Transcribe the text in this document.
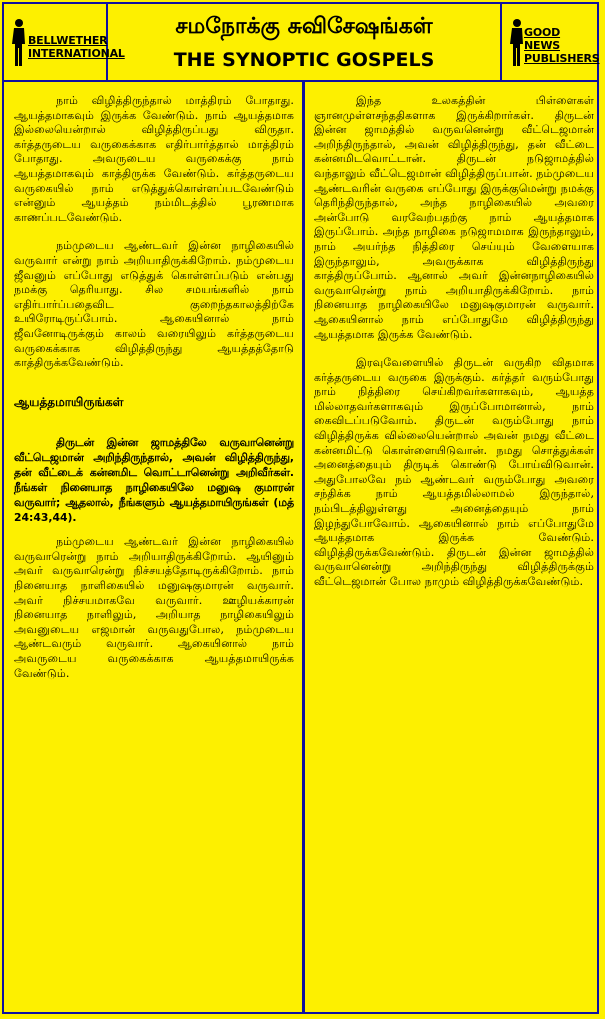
BELLWETHER
INTERNATIONAL
சமநோக்கு சுவிசேஷங்கள்
THE SYNOPTIC GOSPELS
GOOD NEWS
PUBLISHERS

நாம் விழித்திருந்தால் மாத்திரம் போதாது. ஆயத்தமாகவும் இருக்க வேண்டும். நாம் ஆயத்தமாக இல்லையென்றால் விழித்திருப்பது விருதா. கர்த்தருடைய வருகைக்காக எதிர்பார்த்தால் மாத்திரம் போதாது. அவருடைய வருகைக்கு நாம் ஆயத்தமாகவும் காத்திருக்க வேண்டும். கர்த்தருடைய வருகையில் நாம் எடுத்துக்கொள்ளப்படவேண்டும் என்னும் ஆயத்தம் நம்மிடத்தில் பூரணமாக காணப்படவேண்டும்.

நம்முடைய ஆண்டவர் இன்ன நாழிகையில் வருவார் என்று நாம் அறியாதிருக்கிறோம். நம்முடைய ஜீவனும் எப்போது எடுத்துக் கொள்ளப்படும் என்பது நமக்கு தெரியாது. சில சமயங்களில் நாம் எதிர்பார்ப்பதைவிட குறைந்தகாலத்திற்கே உயிரோடிருப்போம். ஆகையினால் நாம் ஜீவனோடிருக்கும் காலம் வரையிலும் கர்த்தருடைய வருகைக்காக விழித்திருந்து ஆயத்தத்தோடு காத்திருக்கவேண்டும்.

ஆயத்தமாயிருங்கள்

திருடன் இன்ன ஜாமத்திலே வருவானென்று வீட்டெஜமான் அறிந்திருந்தால், அவன் விழித்திருந்து, தன் வீட்டைக் கன்னமிட வொட்டானென்று அறிவீர்கள். நீங்கள் நினையாத நாழிகையிலே மனுஷ குமாரன் வருவார்; ஆதலால், நீங்களும் ஆயத்தமாயிருங்கள் (மத் 24:43,44).

நம்முடைய ஆண்டவர் இன்ன நாழிகையில் வருவாரென்று நாம் அறியாதிருக்கிறோம். ஆயினும் அவர் வருவாரென்று நிச்சயத்தோடிருக்கிறோம். நாம் நினையாத நாளிகையில் மனுஷகுமாரன் வருவார். அவர் நிச்சயமாகவே வருவார். ஊழியக்காரன் நினையாத நாளிலும், அறியாத நாழிகையிலும் அவனுடைய எஜமான் வருவதுபோல, நம்முடைய ஆண்டவரும் வருவார். ஆகையினால் நாம் அவருடைய வருகைக்காக ஆயத்தமாயிருக்க வேண்டும்.

இந்த உலகத்தின் பிள்ளைகள் ஞானமுள்ளசந்ததிகளாக இருக்கிறார்கள். திருடன் இன்ன ஜாமத்தில் வருவனென்று வீட்டெஜமான் அறிந்திருந்தால், அவன் விழித்திருந்து, தன் வீட்டை கன்னமிடவொட்டான். திருடன் நடுஜாமத்தில் வந்தாலும் வீட்டெஜமான் விழித்திருப்பான். நம்முடைய ஆண்டவரின் வருகை எப்போது இருக்குமென்று நமக்கு தெரிந்திருந்தால், அந்த நாழிகையில் அவரை அன்போடு வரவேற்பதற்கு நாம் ஆயத்தமாக இருப்போம். அந்த நாழிகை நடுஜாமமாக இருந்தாலும், நாம் அயர்ந்த நித்திரை செய்யும் வேளையாக இருந்தாலும், அவருக்காக விழித்திருந்து காத்திருப்போம். ஆனால் அவர் இன்னநாழிகையில் வருவாரென்று நாம் அறியாதிருக்கிறோம். நாம் நினையாத நாழிகையிலே மனுஷகுமாரன் வருவார். ஆகையினால் நாம் எப்போதுமே விழித்திருந்து ஆயத்தமாக இருக்க வேண்டும்.

இரவுவேளையில் திருடன் வருகிற விதமாக கர்த்தருடைய வருகை இருக்கும். கர்த்தர் வரும்போது நாம் நித்திரை செய்கிறவர்களாகவும், ஆயத்த மில்லாதவர்களாகவும் இருப்போமானால், நாம் கைவிடப்படுவோம். திருடன் வரும்போது நாம் விழித்திருக்க வில்லையென்றால் அவன் நமது வீட்டை கன்னமிட்டு கொள்ளையிடுவான். நமது சொத்துக்கள் அனைத்தையும் திருடிக் கொண்டு போய்விடுவான். அதுபோலவே நம் ஆண்டவர் வரும்போது அவரை சந்திக்க நாம் ஆயத்தமில்லாமல் இருந்தால், நம்பிடத்திலுள்ளது அனைத்தையும் நாம் இழந்துபோவோம். ஆகையினால் நாம் எப்போதுமே ஆயத்தமாக இருக்க வேண்டும். விழித்திருக்கவேண்டும். திருடன் இன்ன ஜாமத்தில் வருவானென்று அறிந்திருந்து விழித்திருக்கும் வீட்டெஜமான் போல நாமும் விழித்திருக்கவேண்டும்.
